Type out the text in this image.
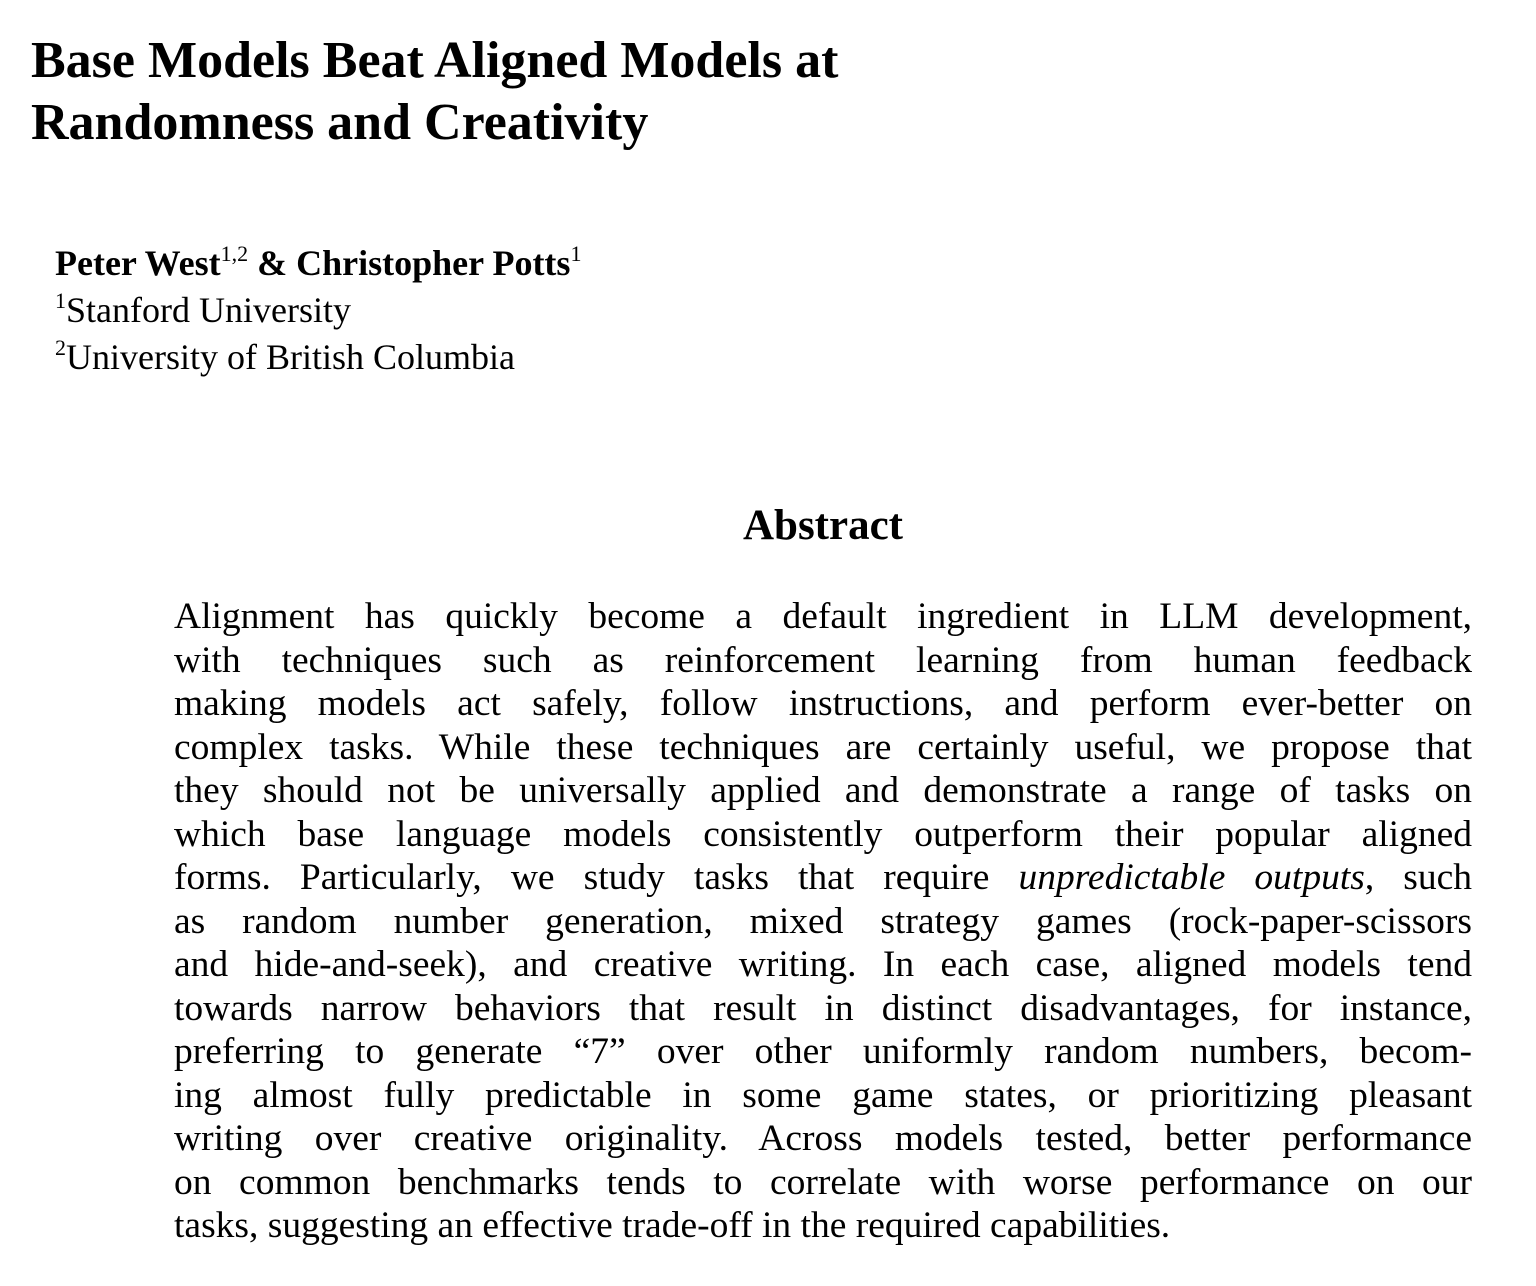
Base Models Beat Aligned Models at
Randomness and Creativity
Peter West$^{1,2}$ & Christopher Potts$^1$
$^1$Stanford University
$^2$University of British Columbia
Abstract
Alignment has quickly become a default ingredient in LLM development,
with techniques such as reinforcement learning from human feedback
making models act safely, follow instructions, and perform ever-better on
complex tasks. While these techniques are certainly useful, we propose that
they should not be universally applied and demonstrate a range of tasks on
which base language models consistently outperform their popular aligned
forms. Particularly, we study tasks that require unpredictable outputs, such
as random number generation, mixed strategy games (rock-paper-scissors
and hide-and-seek), and creative writing. In each case, aligned models tend
towards narrow behaviors that result in distinct disadvantages, for instance,
preferring to generate “7” over other uniformly random numbers, becom-
ing almost fully predictable in some game states, or prioritizing pleasant
writing over creative originality. Across models tested, better performance
on common benchmarks tends to correlate with worse performance on our
tasks, suggesting an effective trade-off in the required capabilities.
